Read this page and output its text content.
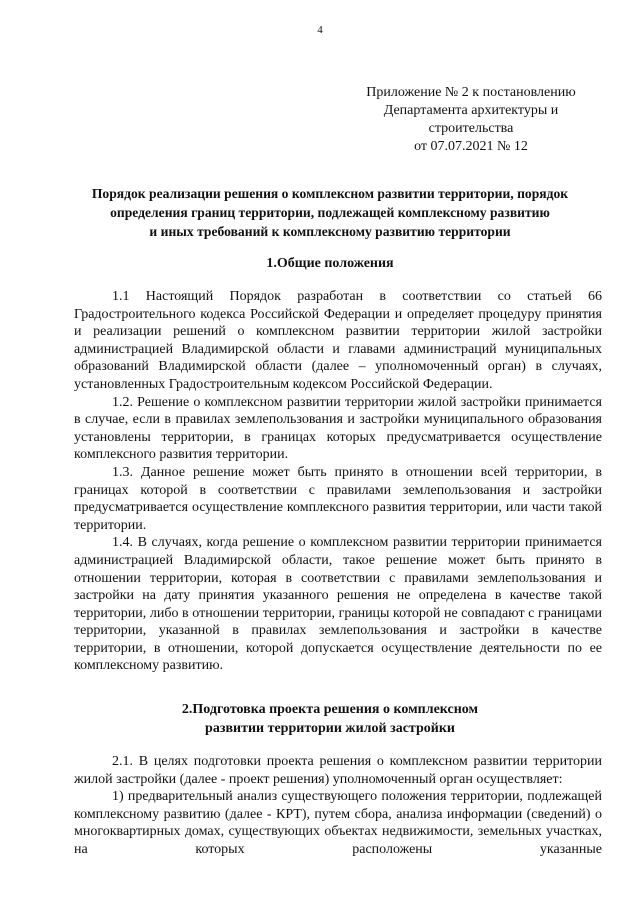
4
Приложение № 2 к постановлению
Департамента архитектуры и
строительства
от 07.07.2021 № 12
Порядок реализации решения о комплексном развитии территории, порядок
определения границ территории, подлежащей комплексному развитию
и иных требований к комплексному развитию территории
1.Общие положения

1.1 Настоящий Порядок разработан в соответствии со статьей 66 Градостроительного кодекса Российской Федерации и определяет процедуру принятия и реализации решений о комплексном развитии территории жилой застройки администрацией Владимирской области и главами администраций муниципальных образований Владимирской области (далее – уполномоченный орган) в случаях, установленных Градостроительным кодексом Российской Федерации.

1.2. Решение о комплексном развитии территории жилой застройки принимается в случае, если в правилах землепользования и застройки муниципального образования установлены территории, в границах которых предусматривается осуществление комплексного развития территории.

1.3. Данное решение может быть принято в отношении всей территории, в границах которой в соответствии с правилами землепользования и застройки предусматривается осуществление комплексного развития территории, или части такой территории.

1.4. В случаях, когда решение о комплексном развитии территории принимается администрацией Владимирской области, такое решение может быть принято в отношении территории, которая в соответствии с правилами землепользования и застройки на дату принятия указанного решения не определена в качестве такой территории, либо в отношении территории, границы которой не совпадают с границами территории, указанной в правилах землепользования и застройки в качестве территории, в отношении, которой допускается осуществление деятельности по ее комплексному развитию.

2.Подготовка проекта решения о комплексном
развитии территории жилой застройки

2.1. В целях подготовки проекта решения о комплексном развитии территории жилой застройки (далее - проект решения) уполномоченный орган осуществляет:

1) предварительный анализ существующего положения территории, подлежащей комплексному развитию (далее - КРТ), путем сбора, анализа информации (сведений) о многоквартирных домах, существующих объектах недвижимости, земельных участках, на которых расположены указанные
